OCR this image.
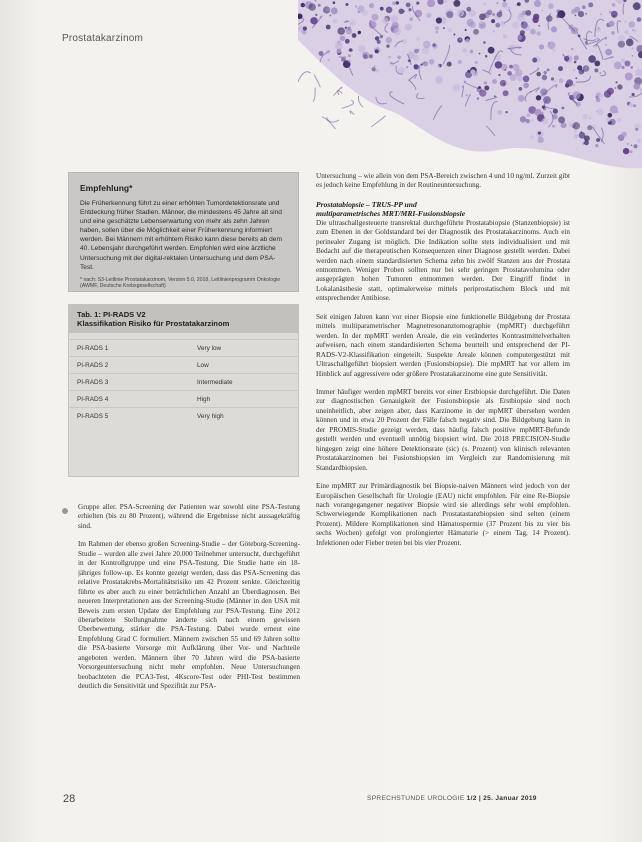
Prostatakarzinom
Empfehlung*

Die Früherkennung führt zu einer erhöhten Tumordetektionsrate und Entdeckung früher Stadien. Männer, die mindestens 45 Jahre alt sind und eine geschätzte Lebenserwartung von mehr als zehn Jahren haben, sollen über die Möglichkeit einer Früherkennung informiert werden. Bei Männern mit erhöhtem Risiko kann diese bereits ab dem 40. Lebensjahr durchgeführt werden. Empfohlen wird eine ärztliche Untersuchung mit der digital-rektalen Untersuchung und dem PSA-Test.

* nach: S3-Leitlinie Prostatakarzinom, Version 5.0, 2018, Leitlinienprogramm Onkologie (AWMF, Deutsche Krebsgesellschaft)

Tab. 1: PI-RADS V2
Klassifikation Risiko für Prostatakarzinom
PI-RADS 1	Very low
PI-RADS 2	Low
PI-RADS 3	Intermediate
PI-RADS 4	High
PI-RADS 5	Very high

Gruppe aller. PSA-Screening der Patienten war sowohl eine PSA-Testung erhielten (bis zu 80 Prozent), während die Ergebnisse nicht aussagekräftig sind.

Im Rahmen der ebenso großen Screening-Studie – der Göteborg-Screening-Studie – wurden alle zwei Jahre 20.000 Teilnehmer untersucht, durchgeführt in der Kontrollgruppe und eine PSA-Testung. Die Studie hatte ein 18-jähriges follow-up. Es konnte gezeigt werden, dass das PSA-Screening das relative Prostatakrebs-Mortalitätsrisiko um 42 Prozent senkte. Gleichzeitig führte es aber auch zu einer beträchtlichen Anzahl an Überdiagnosen. Bei neueren Interpretationen aus der Screening-Studie (Männer in den USA mit Beweis zum ersten Update der Empfehlung zur PSA-Testung. Eine 2012 überarbeitete Stellungnahme änderte sich nach einem gewissen Überbewertung, stärker die PSA-Testung. Dabei wurde erneut eine Empfehlung Grad C formuliert. Männern zwischen 55 und 69 Jahren sollte die PSA-basierte Vorsorge mit Aufklärung über Vor- und Nachteile angeboten werden. Männern über 70 Jahren wird die PSA-basierte Vorsorgeuntersuchung nicht mehr empfohlen. Neue Untersuchungen beobachteten die PCA3-Test, 4Kscore-Test oder PHI-Test bestimmen deutlich die Sensitivität und Spezifität zur PSA-

Untersuchung – wie allein von dem PSA-Bereich zwischen 4 und 10 ng/ml. Zurzeit gibt es jedoch keine Empfehlung in der Routineuntersuchung.

Prostatabiopsie – TRUS-PP und
multiparametrisches MRT/MRI-Fusionsbiopsie

Die ultraschallgesteuerte transrektal durchgeführte Prostatabiopsie (Stanzenbiopsie) ist zum Ebenen in der Goldstandard bei der Diagnostik des Prostatakarzinoms. Auch ein perinealer Zugang ist möglich. Die Indikation sollte stets individualisiert und mit Bedacht auf die therapeutischen Konsequenzen einer Diagnose gestellt werden. Dabei werden nach einem standardisierten Schema zehn bis zwölf Stanzen aus der Prostata entnommen. Weniger Proben sollten nur bei sehr geringen Prostatavolumina oder ausgeprägten hohen Tumoren entnommen werden. Der Eingriff findet in Lokalanästhesie statt, optimalerweise mittels periprostatischem Block und mit entsprechender Antibiose.

Seit einigen Jahren kann vor einer Biopsie eine funktionelle Bildgebung der Prostata mittels multiparametrischer Magnetresonanztomographie (mpMRT) durchgeführt werden. In der mpMRT werden Areale, die ein verändertes Kontrastmittelverhalten aufweisen, nach einem standardisierten Schema beurteilt und entsprechend der PI-RADS-V2-Klassifikation eingeteilt. Suspekte Areale können computergestützt mit Ultraschallgeführt biopsiert werden (Fusionsbiopsie). Die mpMRT hat vor allem im Hinblick auf aggressivere oder größere Prostatakarzinome eine gute Sensitivität.

Immer häufiger werden mpMRT bereits vor einer Erstbiopsie durchgeführt. Die Daten zur diagnostischen Genauigkeit der Fusionsbiopsie als Erstbiopsie sind noch uneinheitlich, aber zeigen aber, dass Karzinome in der mpMRT übersehen werden können und in etwa 20 Prozent der Fälle falsch negativ sind. Die Bildgebung kann in der PROMIS-Studie gezeigt werden, dass häufig falsch positive mpMRT-Befunde gestellt werden und eventuell unnötig biopsiert wird. Die 2018 PRECISION-Studie hingegen zeigt eine höhere Detektionsrate (sic) (s. Prozent) von klinisch relevanten Prostatakarzinomen bei Fusionsbiopsien im Vergleich zur Randomisierung mit Standardbiopsien.

Eine mpMRT zur Primärdiagnostik bei Biopsie-naiven Männern wird jedoch von der Europäischen Gesellschaft für Urologie (EAU) nicht empfohlen. Für eine Re-Biopsie nach vorangegangener negativer Biopsie wird sie allerdings sehr wohl empfohlen. Schwerwiegende Komplikationen nach Prostatastanzbiopsien sind selten (einem Prozent). Mildere Komplikationen sind Hämatospermie (37 Prozent bis zu vier bis sechs Wochen) gefolgt von prolongierter Hämaturie (> einem Tag, 14 Prozent). Infektionen oder Fieber treten bei bis vier Prozent.

28	SPRECHSTUNDE UROLOGIE 1/2 | 25. Januar 2019
